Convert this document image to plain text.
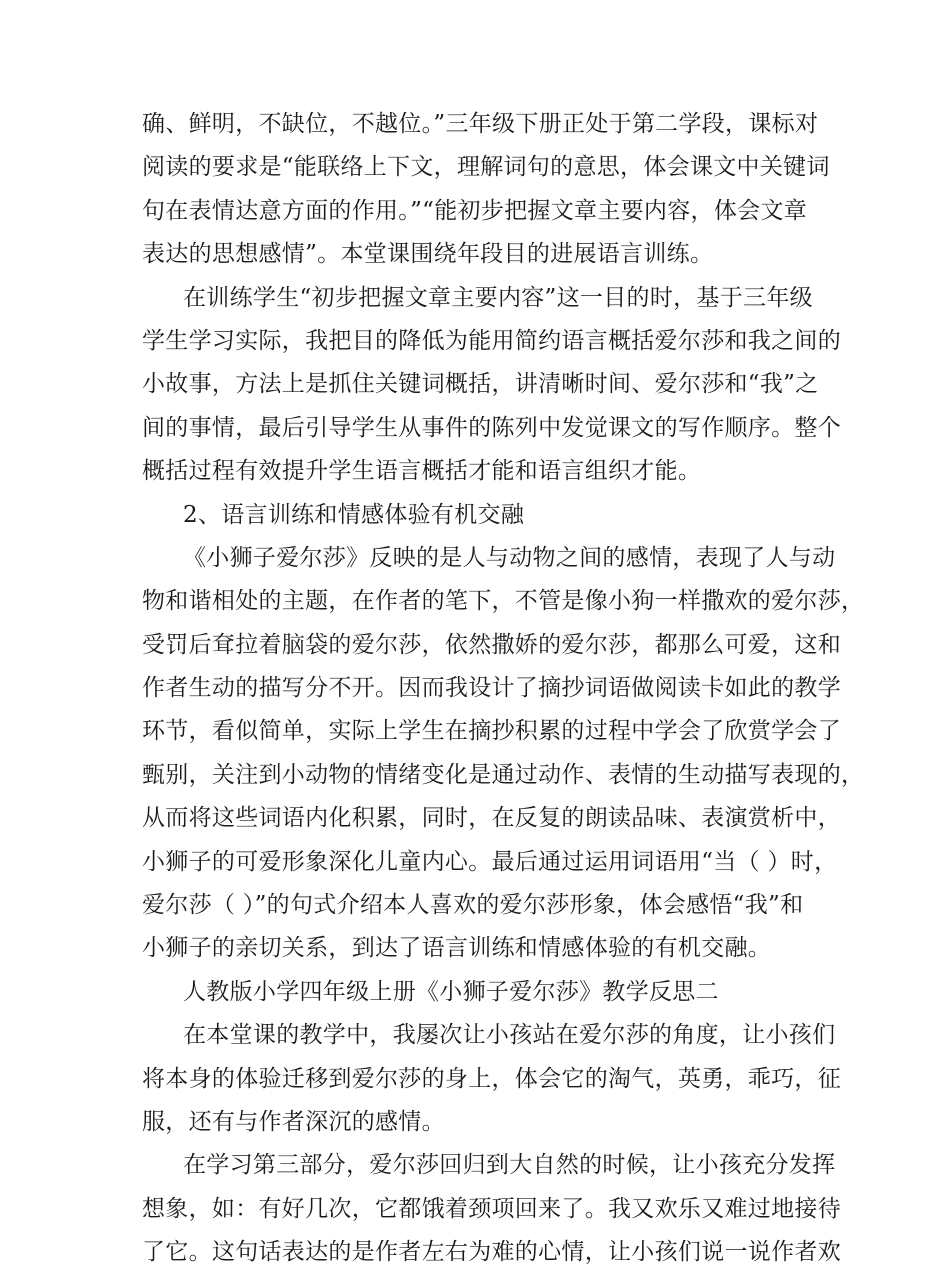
确、鲜明，不缺位，不越位。”三年级下册正处于第二学段，课标对
阅读的要求是“能联络上下文，理解词句的意思，体会课文中关键词
句在表情达意方面的作用。”“能初步把握文章主要内容，体会文章
表达的思想感情”。本堂课围绕年段目的进展语言训练。
在训练学生“初步把握文章主要内容”这一目的时，基于三年级
学生学习实际，我把目的降低为能用简约语言概括爱尔莎和我之间的
小故事，方法上是抓住关键词概括，讲清晰时间、爱尔莎和“我”之
间的事情，最后引导学生从事件的陈列中发觉课文的写作顺序。整个
概括过程有效提升学生语言概括才能和语言组织才能。
2、语言训练和情感体验有机交融
《小狮子爱尔莎》反映的是人与动物之间的感情，表现了人与动
物和谐相处的主题，在作者的笔下，不管是像小狗一样撒欢的爱尔莎，
受罚后耷拉着脑袋的爱尔莎，依然撒娇的爱尔莎，都那么可爱，这和
作者生动的描写分不开。因而我设计了摘抄词语做阅读卡如此的教学
环节，看似简单，实际上学生在摘抄积累的过程中学会了欣赏学会了
甄别，关注到小动物的情绪变化是通过动作、表情的生动描写表现的，
从而将这些词语内化积累，同时，在反复的朗读品味、表演赏析中，
小狮子的可爱形象深化儿童内心。最后通过运用词语用“当（ ）时，
爱尔莎（ ）”的句式介绍本人喜欢的爱尔莎形象，体会感悟“我”和
小狮子的亲切关系，到达了语言训练和情感体验的有机交融。
人教版小学四年级上册《小狮子爱尔莎》教学反思二
在本堂课的教学中，我屡次让小孩站在爱尔莎的角度，让小孩们
将本身的体验迁移到爱尔莎的身上，体会它的淘气，英勇，乖巧，征
服，还有与作者深沉的感情。
在学习第三部分，爱尔莎回归到大自然的时候，让小孩充分发挥
想象，如：有好几次，它都饿着颈项回来了。我又欢乐又难过地接待
了它。这句话表达的是作者左右为难的心情，让小孩们说一说作者欢
